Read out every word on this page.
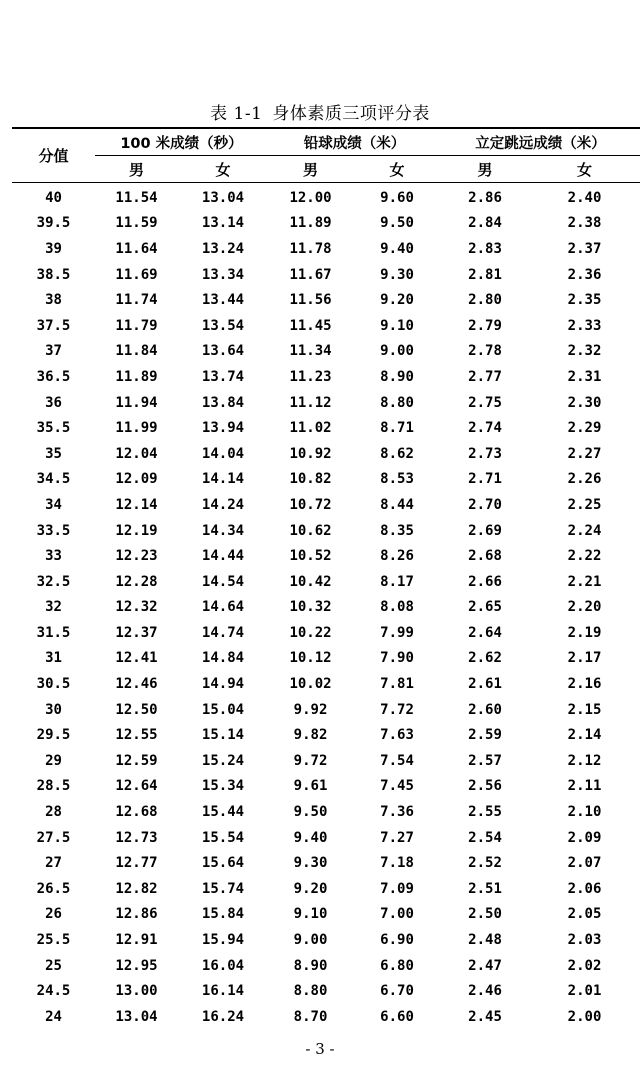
表 1-1 身体素质三项评分表
分值	100 米成绩（秒）		铅球成绩（米）		立定跳远成绩（米）	
	男	女	男	女	男	女
40	11.54	13.04	12.00	9.60	2.86	2.40
39.5	11.59	13.14	11.89	9.50	2.84	2.38
39	11.64	13.24	11.78	9.40	2.83	2.37
38.5	11.69	13.34	11.67	9.30	2.81	2.36
38	11.74	13.44	11.56	9.20	2.80	2.35
37.5	11.79	13.54	11.45	9.10	2.79	2.33
37	11.84	13.64	11.34	9.00	2.78	2.32
36.5	11.89	13.74	11.23	8.90	2.77	2.31
36	11.94	13.84	11.12	8.80	2.75	2.30
35.5	11.99	13.94	11.02	8.71	2.74	2.29
35	12.04	14.04	10.92	8.62	2.73	2.27
34.5	12.09	14.14	10.82	8.53	2.71	2.26
34	12.14	14.24	10.72	8.44	2.70	2.25
33.5	12.19	14.34	10.62	8.35	2.69	2.24
33	12.23	14.44	10.52	8.26	2.68	2.22
32.5	12.28	14.54	10.42	8.17	2.66	2.21
32	12.32	14.64	10.32	8.08	2.65	2.20
31.5	12.37	14.74	10.22	7.99	2.64	2.19
31	12.41	14.84	10.12	7.90	2.62	2.17
30.5	12.46	14.94	10.02	7.81	2.61	2.16
30	12.50	15.04	9.92	7.72	2.60	2.15
29.5	12.55	15.14	9.82	7.63	2.59	2.14
29	12.59	15.24	9.72	7.54	2.57	2.12
28.5	12.64	15.34	9.61	7.45	2.56	2.11
28	12.68	15.44	9.50	7.36	2.55	2.10
27.5	12.73	15.54	9.40	7.27	2.54	2.09
27	12.77	15.64	9.30	7.18	2.52	2.07
26.5	12.82	15.74	9.20	7.09	2.51	2.06
26	12.86	15.84	9.10	7.00	2.50	2.05
25.5	12.91	15.94	9.00	6.90	2.48	2.03
25	12.95	16.04	8.90	6.80	2.47	2.02
24.5	13.00	16.14	8.80	6.70	2.46	2.01
24	13.04	16.24	8.70	6.60	2.45	2.00
- 3 -
